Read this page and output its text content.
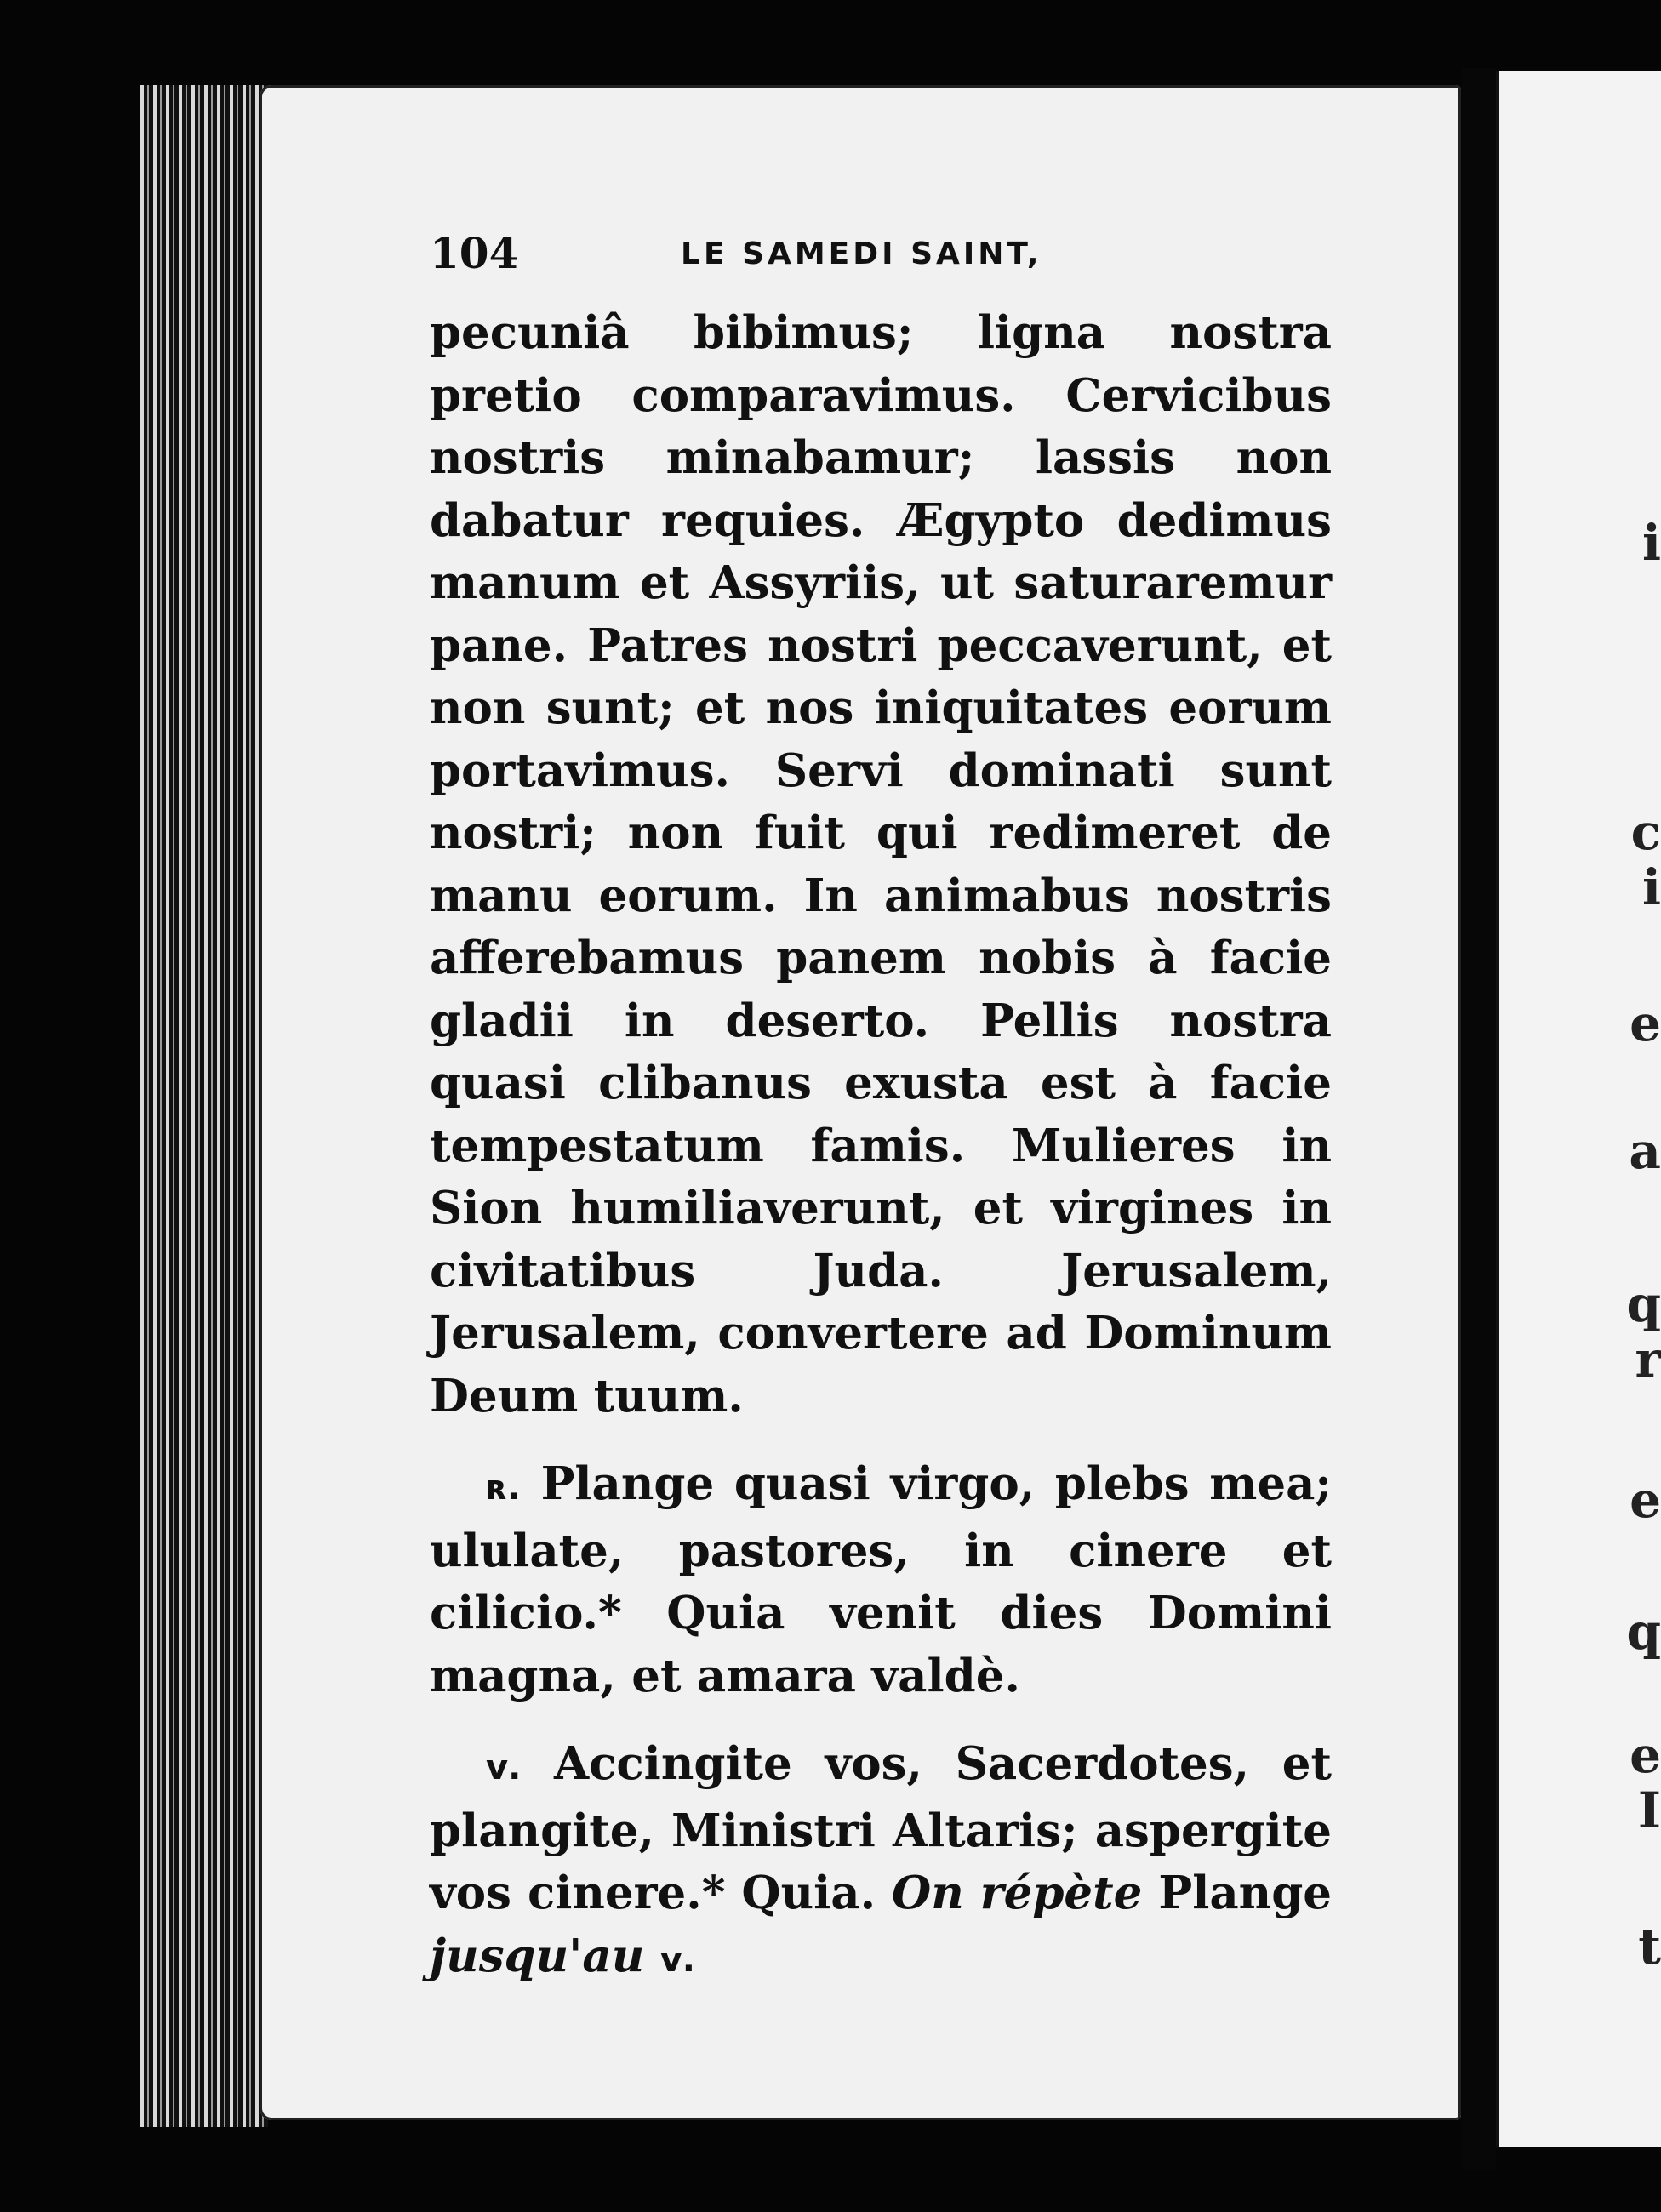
104	LE SAMEDI SAINT,

pecuniâ bibimus; ligna nostra pretio comparavimus. Cervicibus nostris minabamur; lassis non dabatur requies. Ægypto dedimus manum et Assyriis, ut saturaremur pane. Patres nostri peccaverunt, et non sunt; et nos iniquitates eorum portavimus. Servi dominati sunt nostri; non fuit qui redimeret de manu eorum. In animabus nostris afferebamus panem nobis à facie gladii in deserto. Pellis nostra quasi clibanus exusta est à facie tempestatum famis. Mulieres in Sion humiliaverunt, et virgines in civitatibus Juda. Jerusalem, Jerusalem, convertere ad Dominum Deum tuum.

ʀ. Plange quasi virgo, plebs mea; ululate, pastores, in cinere et cilicio.* Quia venit dies Domini magna, et amara valdè.

ᴠ. Accingite vos, Sacerdotes, et plangite, Ministri Altaris; aspergite vos cinere.* Quia. On répète Plange jusqu'au ᴠ.

i
c
i
e
a
q
r
e
q
e
I
t
